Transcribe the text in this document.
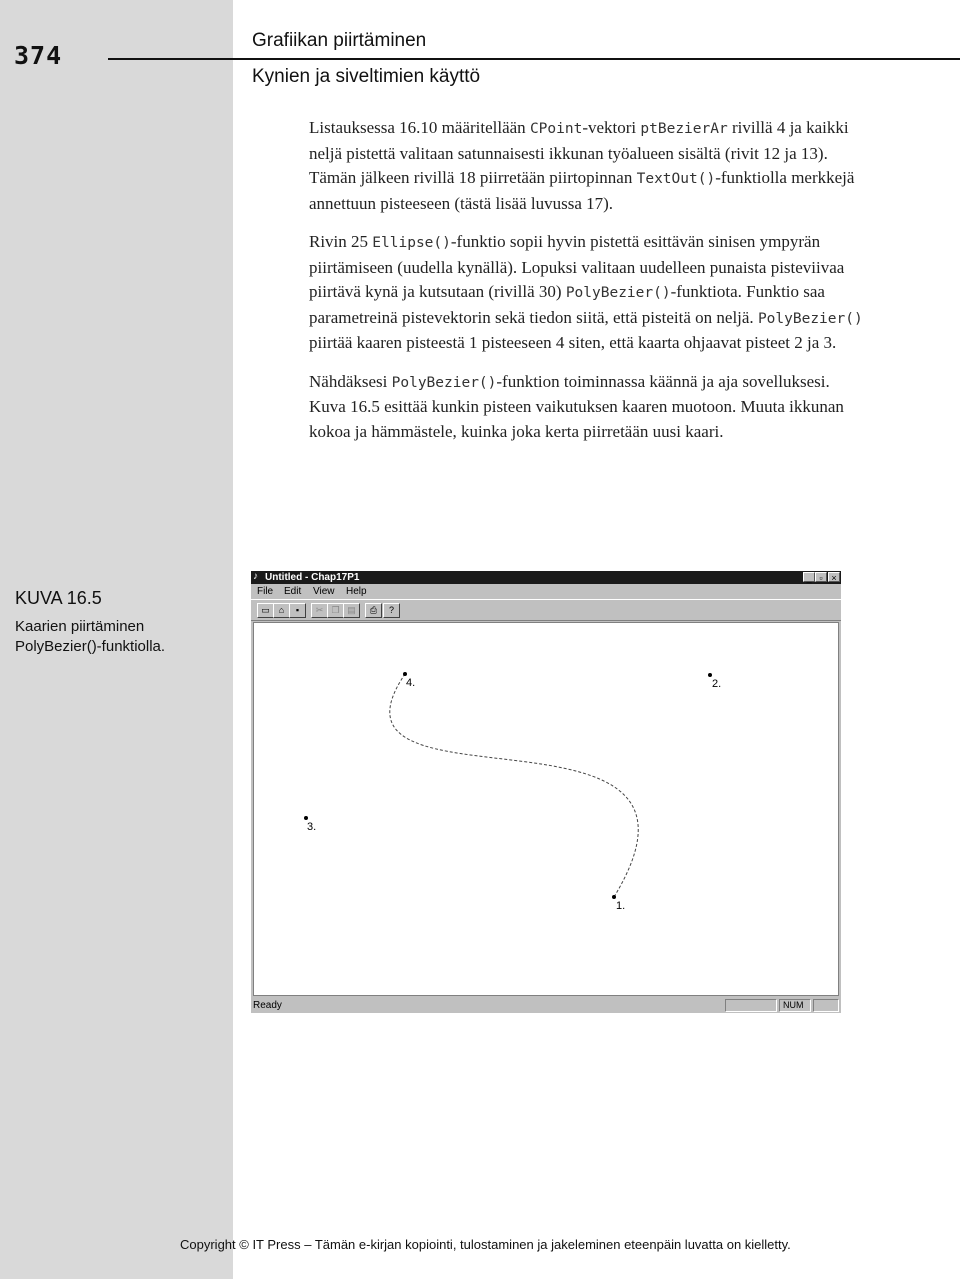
374
Grafiikan piirtäminen
Kynien ja siveltimien käyttö

Listauksessa 16.10 määritellään CPoint-vektori ptBezierAr rivillä 4 ja kaikki neljä pistettä valitaan satunnaisesti ikkunan työalueen sisältä (rivit 12 ja 13). Tämän jälkeen rivillä 18 piirretään piirtopinnan TextOut()-funktiolla merkkejä annettuun pisteeseen (tästä lisää luvussa 17).

Rivin 25 Ellipse()-funktio sopii hyvin pistettä esittävän sinisen ympyrän piirtämiseen (uudella kynällä). Lopuksi valitaan uudelleen punaista pisteviivaa piirtävä kynä ja kutsutaan (rivillä 30) PolyBezier()-funktiota. Funktio saa parametreinä pistevektorin sekä tiedon siitä, että pisteitä on neljä. PolyBezier() piirtää kaaren pisteestä 1 pisteeseen 4 siten, että kaarta ohjaavat pisteet 2 ja 3.

Nähdäksesi PolyBezier()-funktion toiminnassa käännä ja aja sovelluksesi. Kuva 16.5 esittää kunkin pisteen vaikutuksen kaaren muotoon. Muuta ikkunan kokoa ja hämmästele, kuinka joka kerta piirretään uusi kaari.

KUVA 16.5
Kaarien piirtäminen
PolyBezier()-funktiolla.
♪ Untitled - Chap17P1	_ ▫ ×
File Edit View Help
▭	⌂	▪	✂ ❐ ▤	⎙	?
1.
2.
3.
4.
Ready	NUM
Copyright © IT Press – Tämän e-kirjan kopiointi, tulostaminen ja jakeleminen eteenpäin luvatta on kielletty.
